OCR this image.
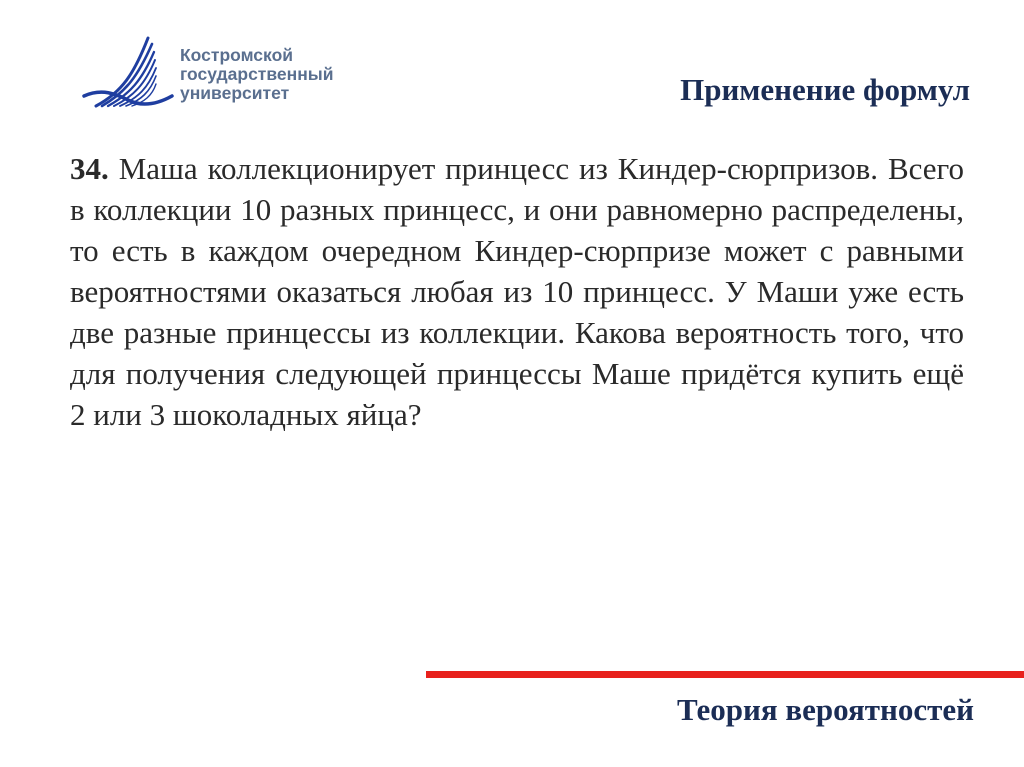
Костромской
государственный
университет	Применение формул

34. Маша коллекционирует принцесс из Киндер-сюрпризов. Всего в коллекции 10 разных принцесс, и они равномерно распределены, то есть в каждом очередном Киндер-сюрпризе может с равными вероятностями оказаться любая из 10 принцесс. У Маши уже есть две разные принцессы из коллекции. Какова вероятность того, что для получения следующей принцессы Маше придётся купить ещё 2 или 3 шоколадных яйца?

Теория вероятностей
